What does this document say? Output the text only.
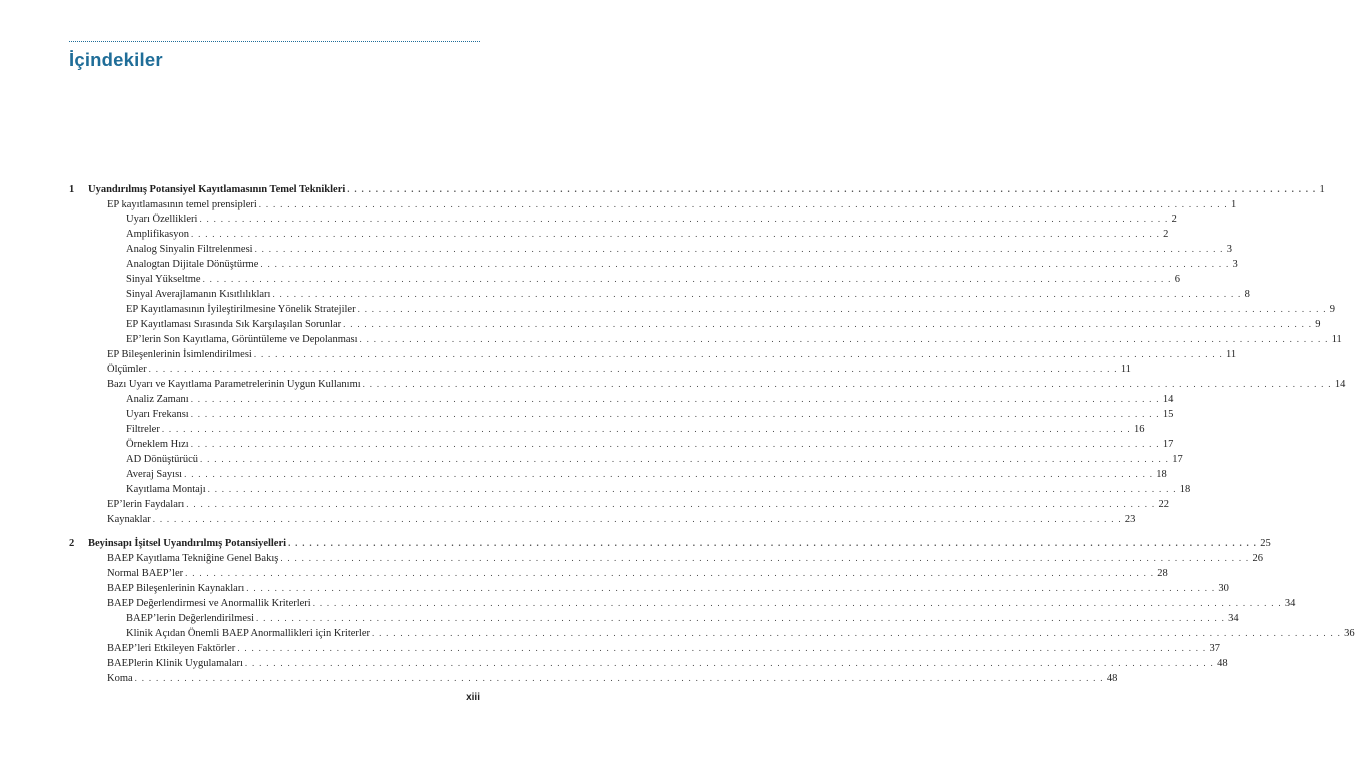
İçindekiler
1	Uyandırılmış Potansiyel Kayıtlamasının Temel Teknikleri . . .	1
EP kayıtlamasının temel prensipleri . . .	1
Uyarı Özellikleri . . .	2
Amplifikasyon . . .	2
Analog Sinyalin Filtrelenmesi . . .	3
Analogtan Dijitale Dönüştürme . . .	3
Sinyal Yükseltme . . .	6
Sinyal Averajlamanın Kısıtlılıkları . . .	8
EP Kayıtlamasının İyileştirilmesine Yönelik Stratejiler . . .	9
EP Kayıtlaması Sırasında Sık Karşılaşılan Sorunlar . . .	9
EP’lerin Son Kayıtlama, Görüntüleme ve Depolanması . . .	11
EP Bileşenlerinin İsimlendirilmesi . . .	11
Ölçümler . . .	11
Bazı Uyarı ve Kayıtlama Parametrelerinin Uygun Kullanımı . . .	14
Analiz Zamanı . . .	14
Uyarı Frekansı . . .	15
Filtreler . . .	16
Örneklem Hızı . . .	17
AD Dönüştürücü . . .	17
Averaj Sayısı . . .	18
Kayıtlama Montajı . . .	18
EP’lerin Faydaları . . .	22
Kaynaklar . . .	23
2	Beyinsapı İşitsel Uyandırılmış Potansiyelleri . . .	25
BAEP Kayıtlama Tekniğine Genel Bakış . . .	26
Normal BAEP’ler . . .	28
BAEP Bileşenlerinin Kaynakları . . .	30
BAEP Değerlendirmesi ve Anormallik Kriterleri . . .	34
BAEP’lerin Değerlendirilmesi . . .	34
Klinik Açıdan Önemli BAEP Anormallikleri için Kriterler . . .	36
BAEP’leri Etkileyen Faktörler . . .	37
BAEPlerin Klinik Uygulamaları . . .	48
Koma . . .	48
xiii
